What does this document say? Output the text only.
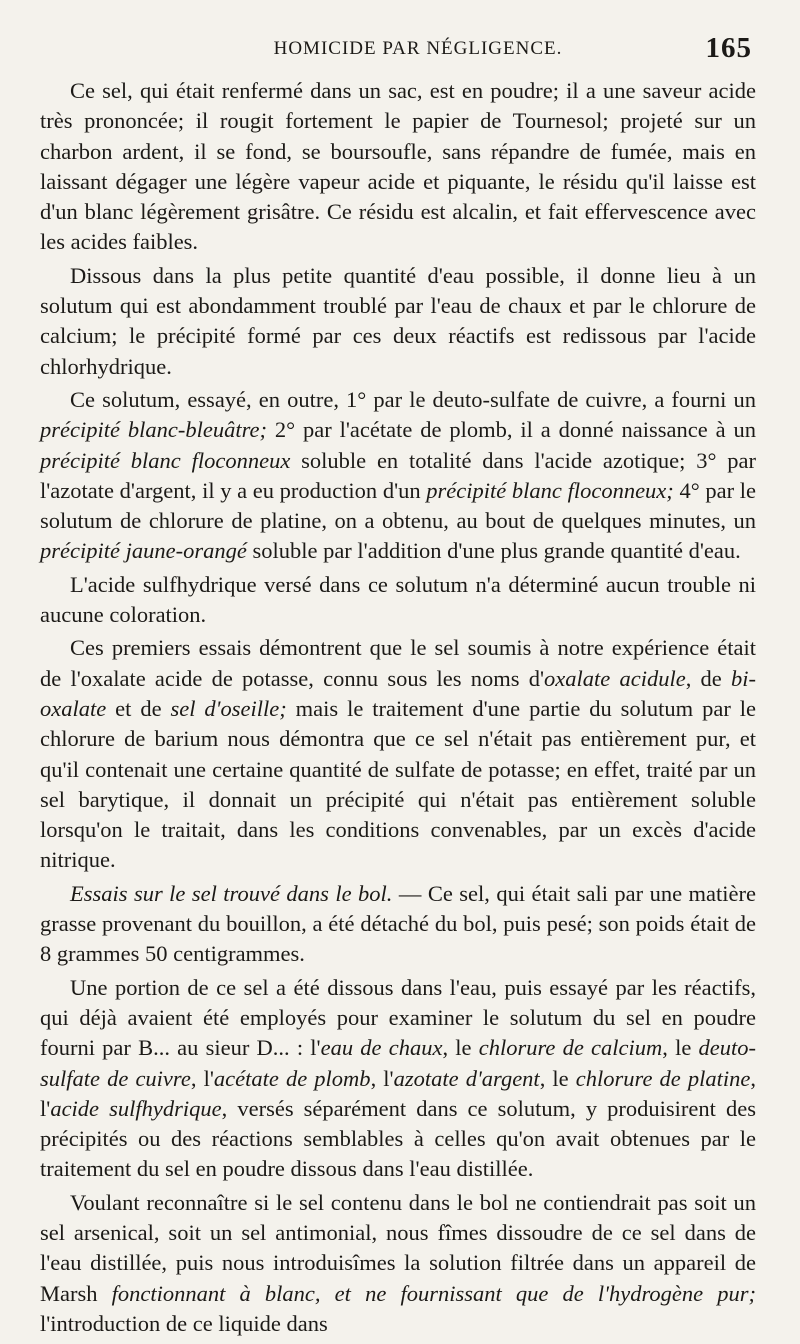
HOMICIDE PAR NÉGLIGENCE.	165

Ce sel, qui était renfermé dans un sac, est en poudre; il a une saveur acide très prononcée; il rougit fortement le papier de Tournesol; projeté sur un charbon ardent, il se fond, se boursoufle, sans répandre de fumée, mais en laissant dégager une légère vapeur acide et piquante, le résidu qu'il laisse est d'un blanc légèrement grisâtre. Ce résidu est alcalin, et fait effervescence avec les acides faibles.

Dissous dans la plus petite quantité d'eau possible, il donne lieu à un solutum qui est abondamment troublé par l'eau de chaux et par le chlorure de calcium; le précipité formé par ces deux réactifs est redissous par l'acide chlorhydrique.

Ce solutum, essayé, en outre, 1° par le deuto-sulfate de cuivre, a fourni un précipité blanc-bleuâtre; 2° par l'acétate de plomb, il a donné naissance à un précipité blanc floconneux soluble en totalité dans l'acide azotique; 3° par l'azotate d'argent, il y a eu production d'un précipité blanc floconneux; 4° par le solutum de chlorure de platine, on a obtenu, au bout de quelques minutes, un précipité jaune-orangé soluble par l'addition d'une plus grande quantité d'eau.

L'acide sulfhydrique versé dans ce solutum n'a déterminé aucun trouble ni aucune coloration.

Ces premiers essais démontrent que le sel soumis à notre expérience était de l'oxalate acide de potasse, connu sous les noms d'oxalate acidule, de bi-oxalate et de sel d'oseille; mais le traitement d'une partie du solutum par le chlorure de barium nous démontra que ce sel n'était pas entièrement pur, et qu'il contenait une certaine quantité de sulfate de potasse; en effet, traité par un sel barytique, il donnait un précipité qui n'était pas entièrement soluble lorsqu'on le traitait, dans les conditions convenables, par un excès d'acide nitrique.

Essais sur le sel trouvé dans le bol. — Ce sel, qui était sali par une matière grasse provenant du bouillon, a été détaché du bol, puis pesé; son poids était de 8 grammes 50 centigrammes.

Une portion de ce sel a été dissous dans l'eau, puis essayé par les réactifs, qui déjà avaient été employés pour examiner le solutum du sel en poudre fourni par B... au sieur D... : l'eau de chaux, le chlorure de calcium, le deuto-sulfate de cuivre, l'acétate de plomb, l'azotate d'argent, le chlorure de platine, l'acide sulfhydrique, versés séparément dans ce solutum, y produisirent des précipités ou des réactions semblables à celles qu'on avait obtenues par le traitement du sel en poudre dissous dans l'eau distillée.

Voulant reconnaître si le sel contenu dans le bol ne contiendrait pas soit un sel arsenical, soit un sel antimonial, nous fîmes dissoudre de ce sel dans de l'eau distillée, puis nous introduisîmes la solution filtrée dans un appareil de Marsh fonctionnant à blanc, et ne fournissant que de l'hydrogène pur; l'introduction de ce liquide dans
